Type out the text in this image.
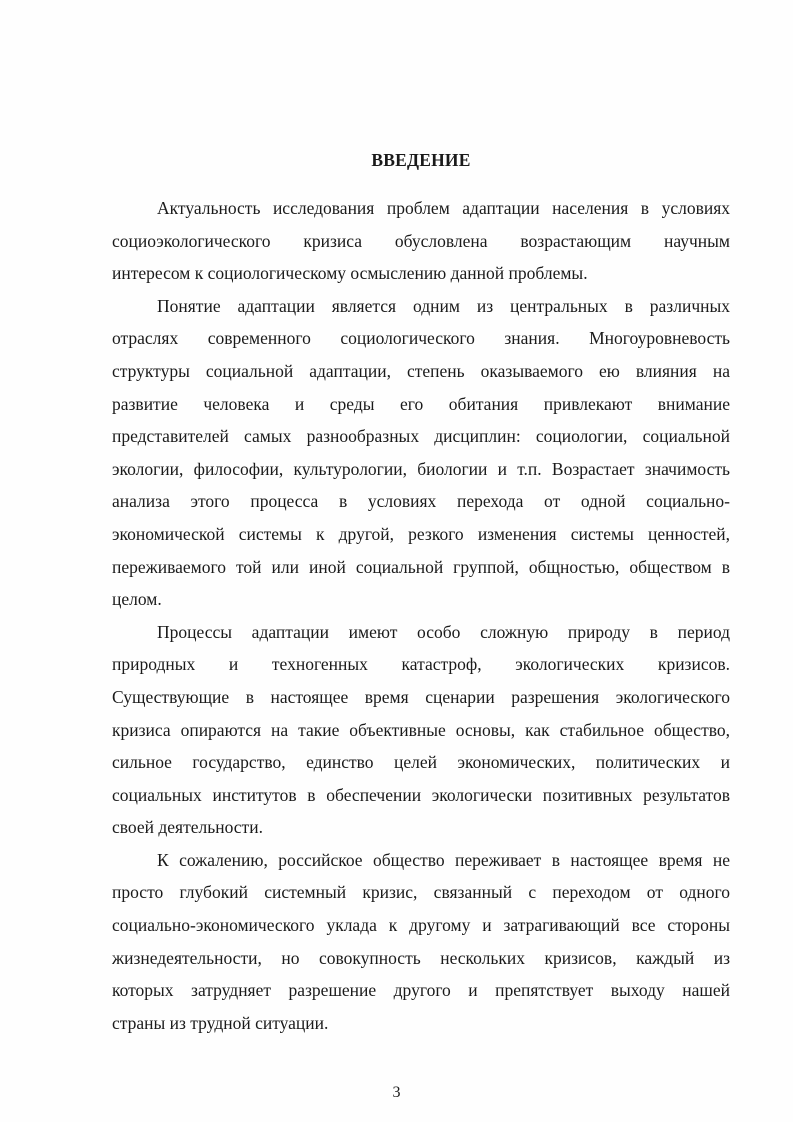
ВВЕДЕНИЕ
Актуальность исследования проблем адаптации населения в условиях
социоэкологического кризиса обусловлена возрастающим научным
интересом к социологическому осмыслению данной проблемы.
Понятие адаптации является одним из центральных в различных
отраслях современного социологического знания. Многоуровневость
структуры социальной адаптации, степень оказываемого ею влияния на
развитие человека и среды его обитания привлекают внимание
представителей самых разнообразных дисциплин: социологии, социальной
экологии, философии, культурологии, биологии и т.п. Возрастает значимость
анализа этого процесса в условиях перехода от одной социально-
экономической системы к другой, резкого изменения системы ценностей,
переживаемого той или иной социальной группой, общностью, обществом в
целом.
Процессы адаптации имеют особо сложную природу в период
природных и техногенных катастроф, экологических кризисов.
Существующие в настоящее время сценарии разрешения экологического
кризиса опираются на такие объективные основы, как стабильное общество,
сильное государство, единство целей экономических, политических и
социальных институтов в обеспечении экологически позитивных результатов
своей деятельности.
К сожалению, российское общество переживает в настоящее время не
просто глубокий системный кризис, связанный с переходом от одного
социально-экономического уклада к другому и затрагивающий все стороны
жизнедеятельности, но совокупность нескольких кризисов, каждый из
которых затрудняет разрешение другого и препятствует выходу нашей
страны из трудной ситуации.
3
